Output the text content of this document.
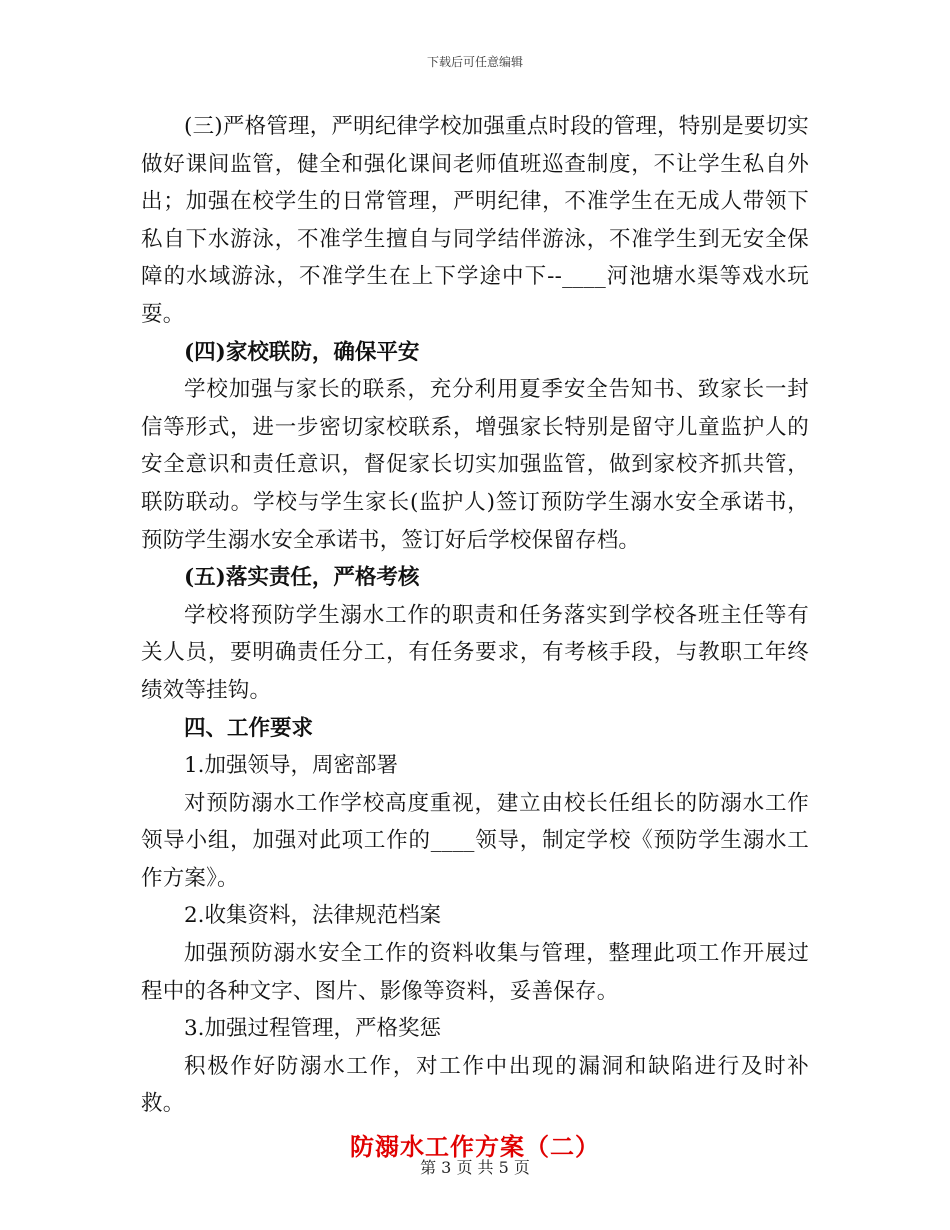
下载后可任意编辑

(三)严格管理，严明纪律学校加强重点时段的管理，特别是要切实做好课间监管，健全和强化课间老师值班巡查制度，不让学生私自外出；加强在校学生的日常管理，严明纪律，不准学生在无成人带领下私自下水游泳，不准学生擅自与同学结伴游泳，不准学生到无安全保障的水域游泳，不准学生在上下学途中下--____河池塘水渠等戏水玩耍。

(四)家校联防，确保平安

学校加强与家长的联系，充分利用夏季安全告知书、致家长一封信等形式，进一步密切家校联系，增强家长特别是留守儿童监护人的安全意识和责任意识，督促家长切实加强监管，做到家校齐抓共管，联防联动。学校与学生家长(监护人)签订预防学生溺水安全承诺书，预防学生溺水安全承诺书，签订好后学校保留存档。

(五)落实责任，严格考核

学校将预防学生溺水工作的职责和任务落实到学校各班主任等有关人员，要明确责任分工，有任务要求，有考核手段，与教职工年终绩效等挂钩。

四、工作要求

1.加强领导，周密部署

对预防溺水工作学校高度重视，建立由校长任组长的防溺水工作领导小组，加强对此项工作的____领导，制定学校《预防学生溺水工作方案》。

2.收集资料，法律规范档案

加强预防溺水安全工作的资料收集与管理，整理此项工作开展过程中的各种文字、图片、影像等资料，妥善保存。

3.加强过程管理，严格奖惩

积极作好防溺水工作，对工作中出现的漏洞和缺陷进行及时补救。

防溺水工作方案（二）

第 3 页 共 5 页
